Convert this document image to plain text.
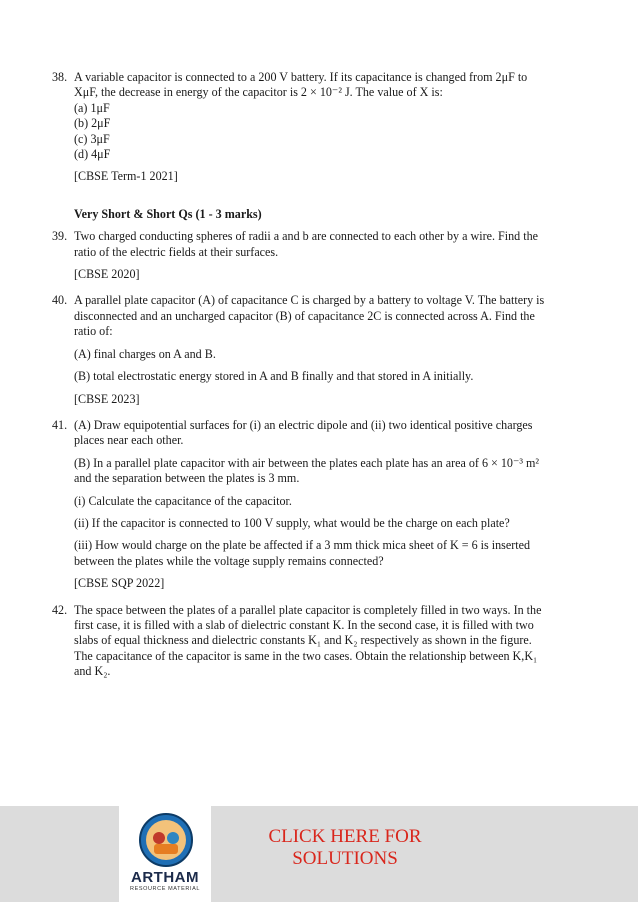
38. A variable capacitor is connected to a 200 V battery. If its capacitance is changed from 2μF to
XμF, the decrease in energy of the capacitor is 2 × 10⁻² J. The value of X is:
(a) 1μF
(b) 2μF
(c) 3μF
(d) 4μF
[CBSE Term-1 2021]
Very Short & Short Qs (1 - 3 marks)
39. Two charged conducting spheres of radii a and b are connected to each other by a wire. Find the
ratio of the electric fields at their surfaces.
[CBSE 2020]
40. A parallel plate capacitor (A) of capacitance C is charged by a battery to voltage V. The battery is
disconnected and an uncharged capacitor (B) of capacitance 2C is connected across A. Find the
ratio of:
(A) final charges on A and B.
(B) total electrostatic energy stored in A and B finally and that stored in A initially.
[CBSE 2023]
41. (A) Draw equipotential surfaces for (i) an electric dipole and (ii) two identical positive charges
places near each other.
(B) In a parallel plate capacitor with air between the plates each plate has an area of 6 × 10⁻³ m²
and the separation between the plates is 3 mm.
(i) Calculate the capacitance of the capacitor.
(ii) If the capacitor is connected to 100 V supply, what would be the charge on each plate?
(iii) How would charge on the plate be affected if a 3 mm thick mica sheet of K = 6 is inserted
between the plates while the voltage supply remains connected?
[CBSE SQP 2022]
42. The space between the plates of a parallel plate capacitor is completely filled in two ways. In the
first case, it is filled with a slab of dielectric constant K. In the second case, it is filled with two
slabs of equal thickness and dielectric constants K₁ and K₂ respectively as shown in the figure.
The capacitance of the capacitor is same in the two cases. Obtain the relationship between K,K₁
and K₂.
ARTHAM
RESOURCE MATERIAL
CLICK HERE FOR
SOLUTIONS
